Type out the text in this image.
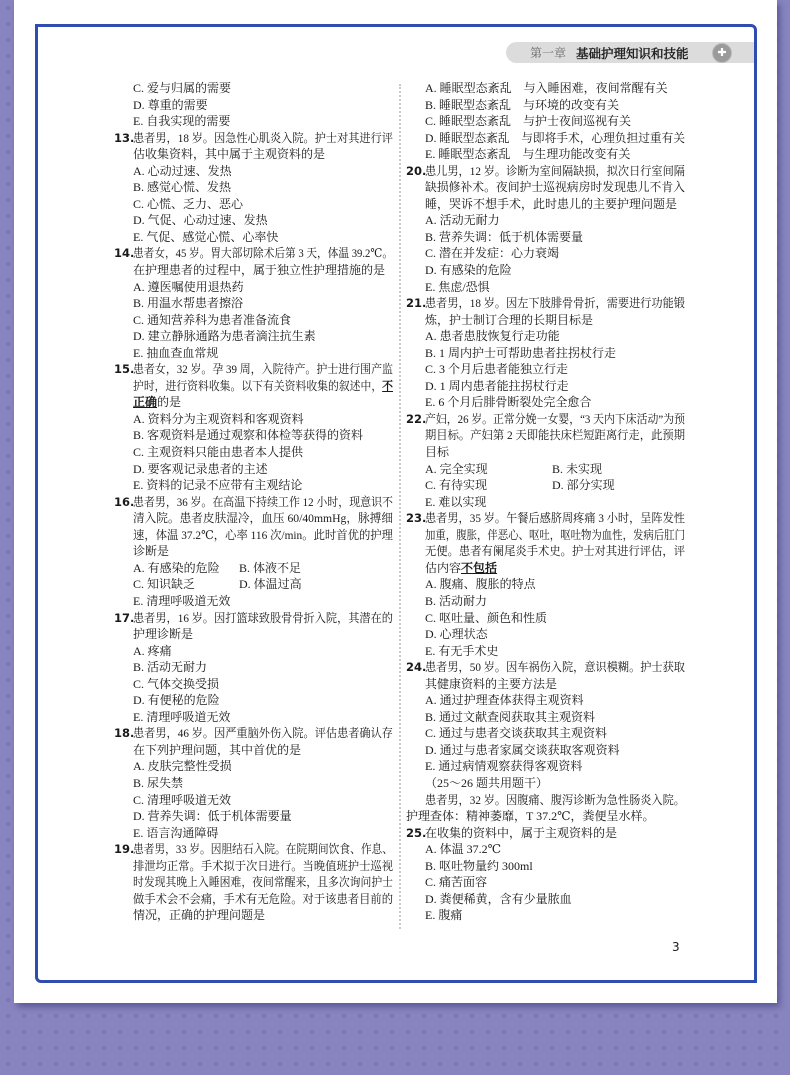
第一章 基础护理知识和技能	✚
C. 爱与归属的需要
D. 尊重的需要
E. 自我实现的需要
13.
患者男，18 岁。因急性心肌炎入院。护士对其进行评
估收集资料，其中属于主观资料的是
A. 心动过速、发热
B. 感觉心慌、发热
C. 心慌、乏力、恶心
D. 气促、心动过速、发热
E. 气促、感觉心慌、心率快
14.
患者女，45 岁。胃大部切除术后第 3 天，体温 39.2℃。
在护理患者的过程中，属于独立性护理措施的是
A. 遵医嘱使用退热药
B. 用温水帮患者擦浴
C. 通知营养科为患者准备流食
D. 建立静脉通路为患者滴注抗生素
E. 抽血查血常规
15.
患者女，32 岁。孕 39 周，入院待产。护士进行围产监
护时，进行资料收集。以下有关资料收集的叙述中，不
正确的是
A. 资料分为主观资料和客观资料
B. 客观资料是通过观察和体检等获得的资料
C. 主观资料只能由患者本人提供
D. 要客观记录患者的主述
E. 资料的记录不应带有主观结论
16.
患者男，36 岁。在高温下持续工作 12 小时，现意识不
清入院。患者皮肤湿冷，血压 60/40mmHg，脉搏细
速，体温 37.2℃，心率 116 次/min。此时首优的护理
诊断是
A. 有感染的危险 B. 体液不足
C. 知识缺乏	D. 体温过高
E. 清理呼吸道无效
17.
患者男，16 岁。因打篮球致股骨骨折入院，其潜在的
护理诊断是
A. 疼痛
B. 活动无耐力
C. 气体交换受损
D. 有便秘的危险
E. 清理呼吸道无效
18.
患者男，46 岁。因严重脑外伤入院。评估患者确认存
在下列护理问题，其中首优的是
A. 皮肤完整性受损
B. 尿失禁
C. 清理呼吸道无效
D. 营养失调：低于机体需要量
E. 语言沟通障碍
19.
患者男，33 岁。因胆结石入院。在院期间饮食、作息、
排泄均正常。手术拟于次日进行。当晚值班护士巡视
时发现其晚上入睡困难，夜间常醒来，且多次询问护士
做手术会不会痛，手术有无危险。对于该患者目前的
情况，正确的护理问题是
A. 睡眠型态紊乱　与入睡困难，夜间常醒有关
B. 睡眠型态紊乱　与环境的改变有关
C. 睡眠型态紊乱　与护士夜间巡视有关
D. 睡眠型态紊乱　与即将手术，心理负担过重有关
E. 睡眠型态紊乱　与生理功能改变有关
20.
患儿男，12 岁。诊断为室间隔缺损，拟次日行室间隔
缺损修补术。夜间护士巡视病房时发现患儿不肯入
睡，哭诉不想手术，此时患儿的主要护理问题是
A. 活动无耐力
B. 营养失调：低于机体需要量
C. 潜在并发症：心力衰竭
D. 有感染的危险
E. 焦虑/恐惧
21.
患者男，18 岁。因左下肢腓骨骨折，需要进行功能锻
炼，护士制订合理的长期目标是
A. 患者患肢恢复行走功能
B. 1 周内护士可帮助患者拄拐杖行走
C. 3 个月后患者能独立行走
D. 1 周内患者能拄拐杖行走
E. 6 个月后腓骨断裂处完全愈合
22.
产妇，26 岁。正常分娩一女婴，“3 天内下床活动”为预
期目标。产妇第 2 天即能扶床栏短距离行走，此预期
目标
A. 完全实现	B. 未实现
C. 有待实现	D. 部分实现
E. 难以实现
23.
患者男，35 岁。午餐后感脐周疼痛 3 小时，呈阵发性
加重，腹胀，伴恶心、呕吐，呕吐物为血性，发病后肛门
无便。患者有阑尾炎手术史。护士对其进行评估，评
估内容不包括
A. 腹痛、腹胀的特点
B. 活动耐力
C. 呕吐量、颜色和性质
D. 心理状态
E. 有无手术史
24.
患者男，50 岁。因车祸伤入院，意识模糊。护士获取
其健康资料的主要方法是
A. 通过护理查体获得主观资料
B. 通过文献查阅获取其主观资料
C. 通过与患者交谈获取其主观资料
D. 通过与患者家属交谈获取客观资料
E. 通过病情观察获得客观资料
（25～26 题共用题干）
患者男，32 岁。因腹痛、腹泻诊断为急性肠炎入院。
护理查体：精神萎靡，T 37.2℃，粪便呈水样。
25.
在收集的资料中，属于主观资料的是
A. 体温 37.2℃
B. 呕吐物量约 300ml
C. 痛苦面容
D. 粪便稀黄，含有少量脓血
E. 腹痛
3
